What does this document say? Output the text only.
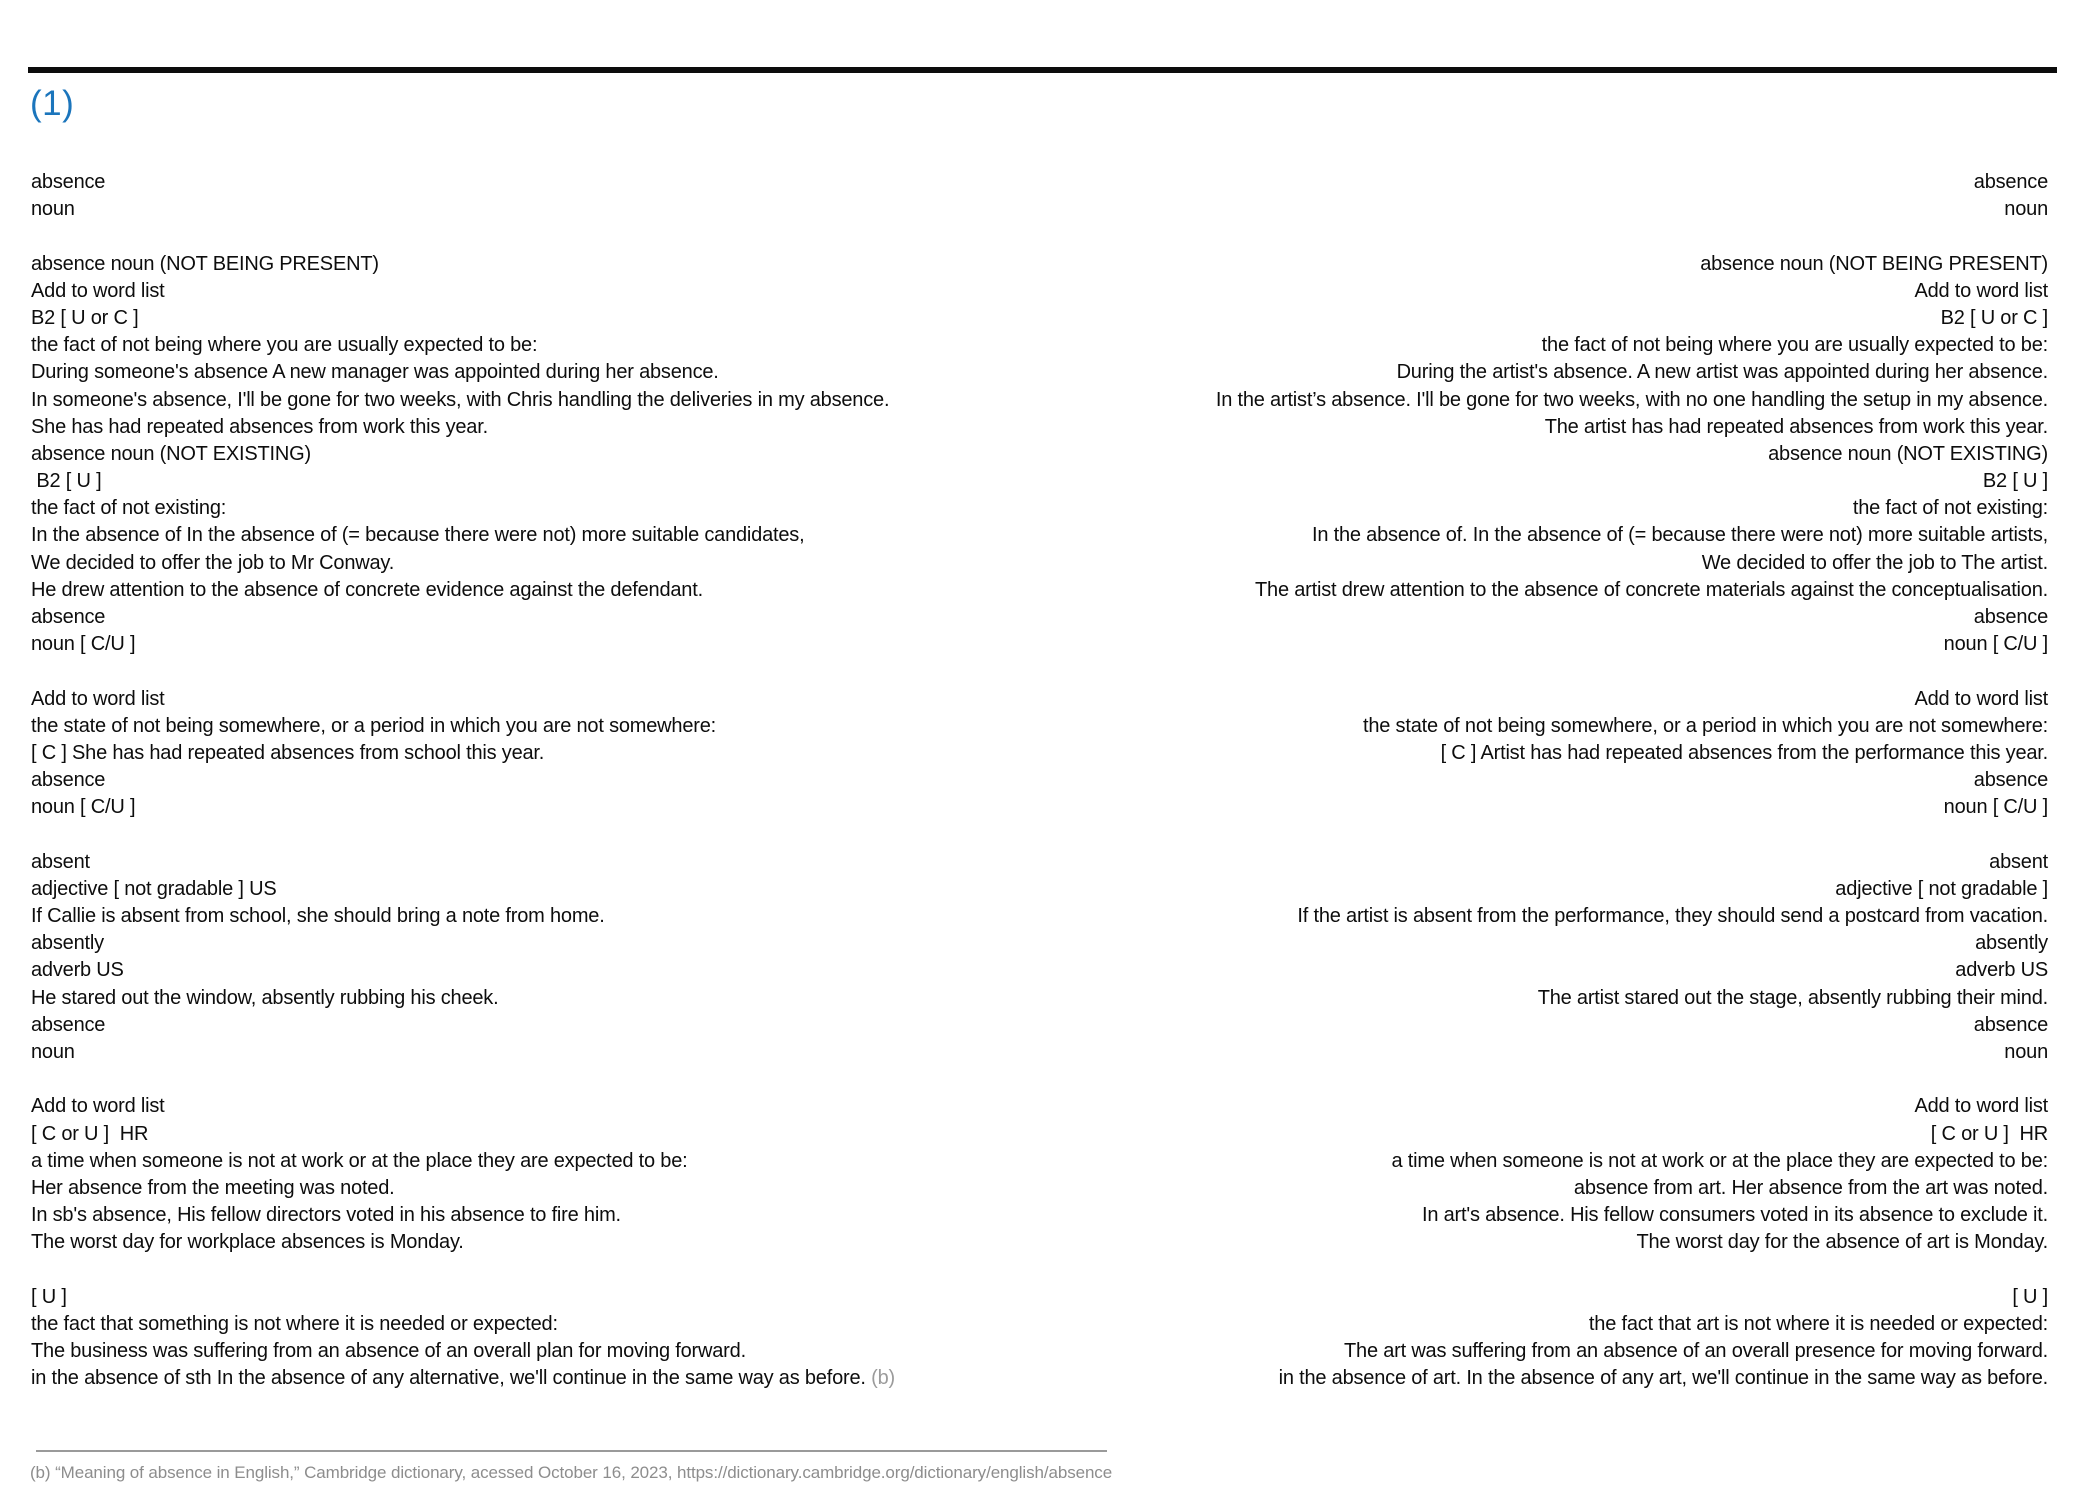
(1)
absence
noun

absence noun (NOT BEING PRESENT)
Add to word list
B2 [ U or C ]
the fact of not being where you are usually expected to be:
During someone's absence A new manager was appointed during her absence.
In someone's absence, I'll be gone for two weeks, with Chris handling the deliveries in my absence.
She has had repeated absences from work this year.
absence noun (NOT EXISTING)
B2 [ U ]
the fact of not existing:
In the absence of In the absence of (= because there were not) more suitable candidates,
We decided to offer the job to Mr Conway.
He drew attention to the absence of concrete evidence against the defendant.
absence
noun [ C/U ]

Add to word list
the state of not being somewhere, or a period in which you are not somewhere:
[ C ] She has had repeated absences from school this year.
absence
noun [ C/U ]

absent
adjective [ not gradable ] US
If Callie is absent from school, she should bring a note from home.
absently
adverb US
He stared out the window, absently rubbing his cheek.
absence
noun

Add to word list
[ C or U ]  HR
a time when someone is not at work or at the place they are expected to be:
Her absence from the meeting was noted.
In sb's absence, His fellow directors voted in his absence to fire him.
The worst day for workplace absences is Monday.

[ U ]
the fact that something is not where it is needed or expected:
The business was suffering from an absence of an overall plan for moving forward.
in the absence of sth In the absence of any alternative, we'll continue in the same way as before. (b)
absence
noun

absence noun (NOT BEING PRESENT)
Add to word list
B2 [ U or C ]
the fact of not being where you are usually expected to be:
During the artist's absence. A new artist was appointed during her absence.
In the artist’s absence. I'll be gone for two weeks, with no one handling the setup in my absence.
The artist has had repeated absences from work this year.
absence noun (NOT EXISTING)
B2 [ U ]
the fact of not existing:
In the absence of. In the absence of (= because there were not) more suitable artists,
We decided to offer the job to The artist.
The artist drew attention to the absence of concrete materials against the conceptualisation.
absence
noun [ C/U ]

Add to word list
the state of not being somewhere, or a period in which you are not somewhere:
[ C ] Artist has had repeated absences from the performance this year.
absence
noun [ C/U ]

absent
adjective [ not gradable ]
If the artist is absent from the performance, they should send a postcard from vacation.
absently
adverb US
The artist stared out the stage, absently rubbing their mind.
absence
noun

Add to word list
[ C or U ]  HR
a time when someone is not at work or at the place they are expected to be:
absence from art. Her absence from the art was noted.
In art's absence. His fellow consumers voted in its absence to exclude it.
The worst day for the absence of art is Monday.

[ U ]
the fact that art is not where it is needed or expected:
The art was suffering from an absence of an overall presence for moving forward.
in the absence of art. In the absence of any art, we'll continue in the same way as before.
(b) “Meaning of absence in English,” Cambridge dictionary, acessed October 16, 2023, https://dictionary.cambridge.org/dictionary/english/absence
